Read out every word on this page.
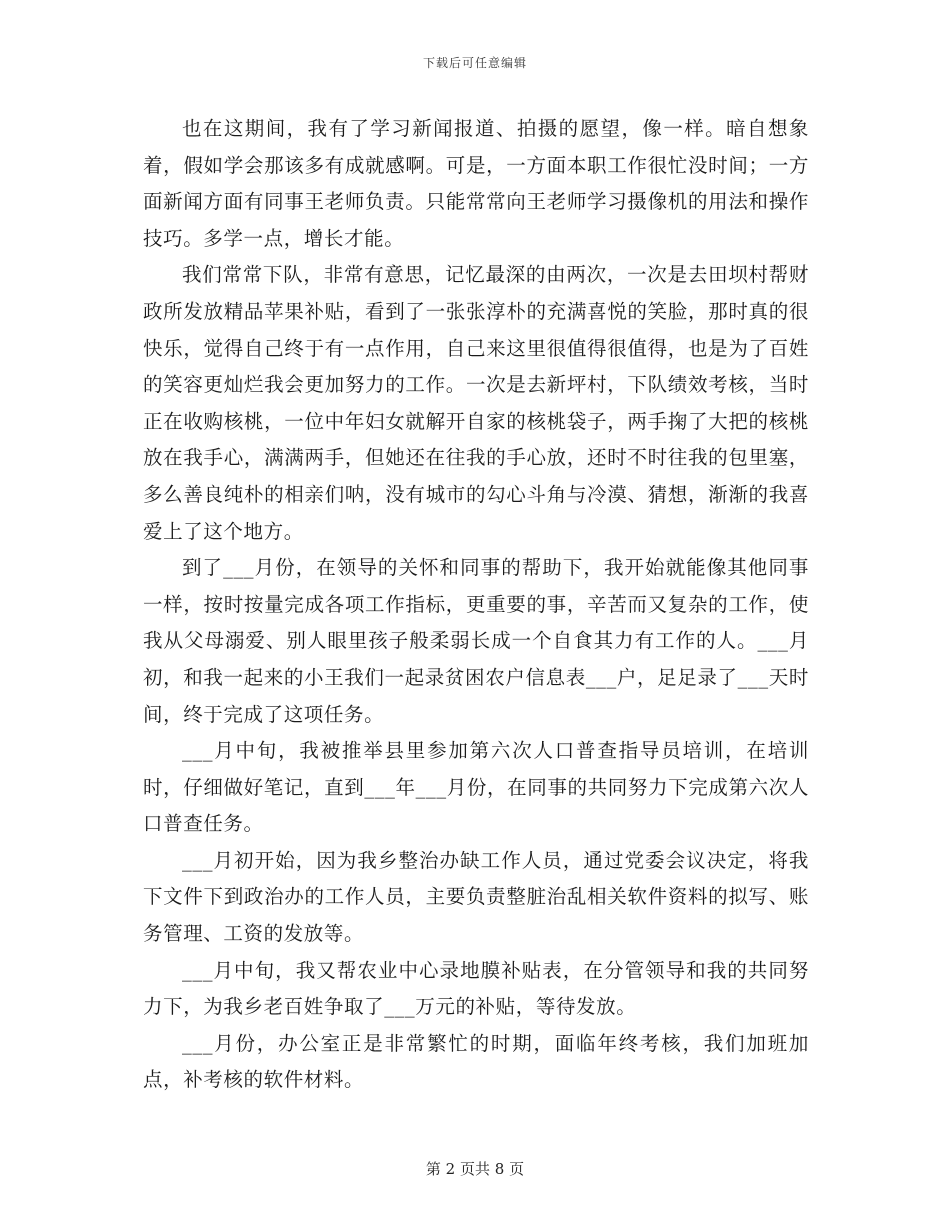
下载后可任意编辑

也在这期间，我有了学习新闻报道、拍摄的愿望，像一样。暗自想象着，假如学会那该多有成就感啊。可是，一方面本职工作很忙没时间；一方面新闻方面有同事王老师负责。只能常常向王老师学习摄像机的用法和操作技巧。多学一点，增长才能。

我们常常下队，非常有意思，记忆最深的由两次，一次是去田坝村帮财政所发放精品苹果补贴，看到了一张张淳朴的充满喜悦的笑脸，那时真的很快乐，觉得自己终于有一点作用，自己来这里很值得很值得，也是为了百姓的笑容更灿烂我会更加努力的工作。一次是去新坪村，下队绩效考核，当时正在收购核桃，一位中年妇女就解开自家的核桃袋子，两手掬了大把的核桃放在我手心，满满两手，但她还在往我的手心放，还时不时往我的包里塞，多么善良纯朴的相亲们呐，没有城市的勾心斗角与冷漠、猜想，渐渐的我喜爱上了这个地方。

到了___月份，在领导的关怀和同事的帮助下，我开始就能像其他同事一样，按时按量完成各项工作指标，更重要的事，辛苦而又复杂的工作，使我从父母溺爱、别人眼里孩子般柔弱长成一个自食其力有工作的人。___月初，和我一起来的小王我们一起录贫困农户信息表___户，足足录了___天时间，终于完成了这项任务。

___月中旬，我被推举县里参加第六次人口普查指导员培训，在培训时，仔细做好笔记，直到___年___月份，在同事的共同努力下完成第六次人口普查任务。

___月初开始，因为我乡整治办缺工作人员，通过党委会议决定，将我下文件下到政治办的工作人员，主要负责整脏治乱相关软件资料的拟写、账务管理、工资的发放等。

___月中旬，我又帮农业中心录地膜补贴表，在分管领导和我的共同努力下，为我乡老百姓争取了___万元的补贴，等待发放。

___月份，办公室正是非常繁忙的时期，面临年终考核，我们加班加点，补考核的软件材料。

第 2 页共 8 页
